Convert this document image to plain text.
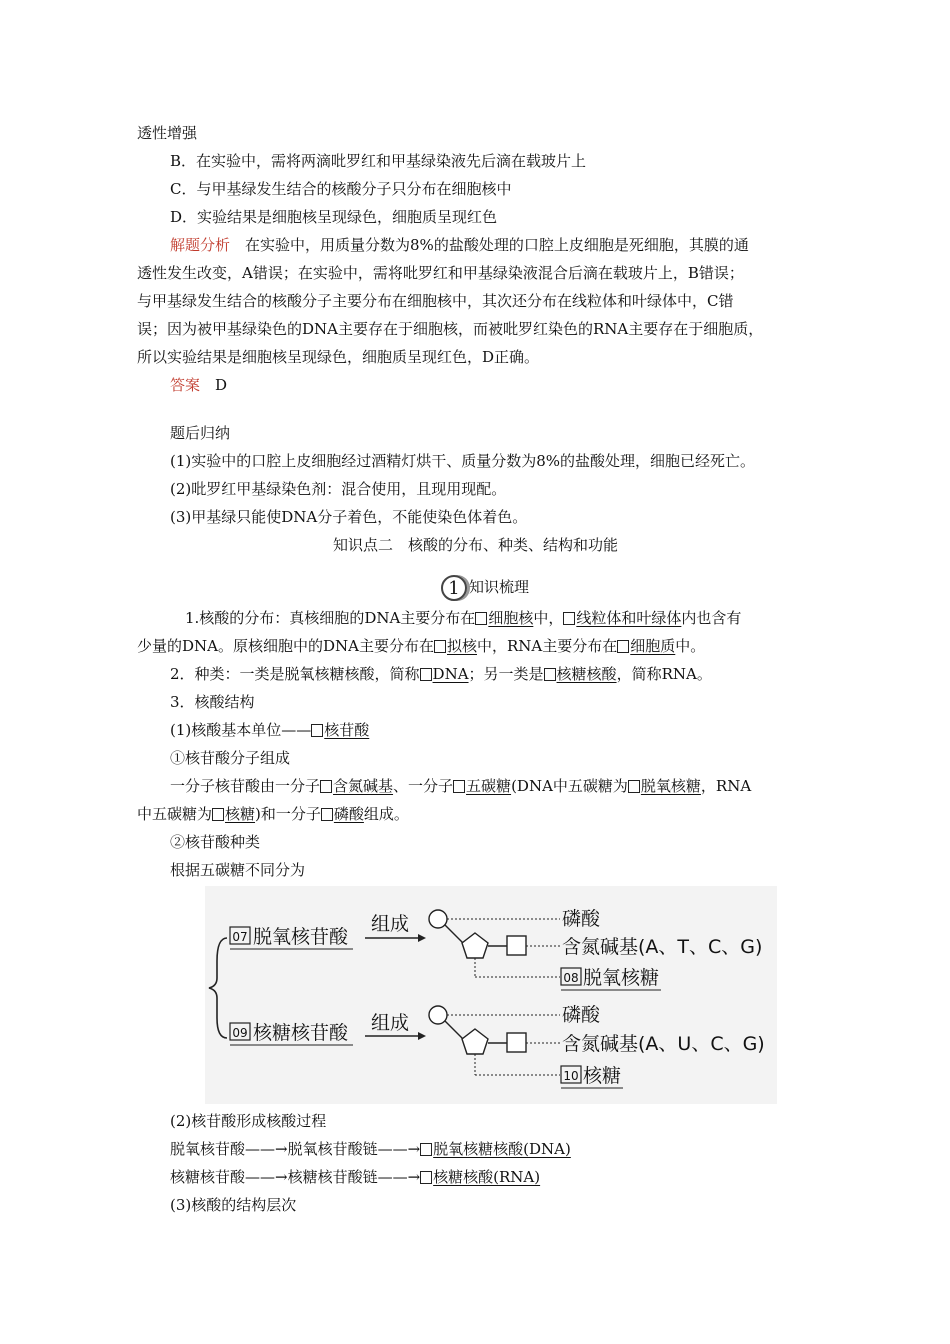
透性增强
B．在实验中，需将两滴吡罗红和甲基绿染液先后滴在载玻片上
C．与甲基绿发生结合的核酸分子只分布在细胞核中
D．实验结果是细胞核呈现绿色，细胞质呈现红色
解题分析　在实验中，用质量分数为8%的盐酸处理的口腔上皮细胞是死细胞，其膜的通
透性发生改变，A错误；在实验中，需将吡罗红和甲基绿染液混合后滴在载玻片上，B错误；
与甲基绿发生结合的核酸分子主要分布在细胞核中，其次还分布在线粒体和叶绿体中，C错
误；因为被甲基绿染色的DNA主要存在于细胞核，而被吡罗红染色的RNA主要存在于细胞质，
所以实验结果是细胞核呈现绿色，细胞质呈现红色，D正确。
答案　D
题后归纳
(1)实验中的口腔上皮细胞经过酒精灯烘干、质量分数为8%的盐酸处理，细胞已经死亡。
(2)吡罗红甲基绿染色剂：混合使用，且现用现配。
(3)甲基绿只能使DNA分子着色，不能使染色体着色。
知识点二　核酸的分布、种类、结构和功能
1 知识梳理
1.核酸的分布：真核细胞的DNA主要分布在 细胞核中， 线粒体和叶绿体内也含有
少量的DNA。原核细胞中的DNA主要分布在 拟核中，RNA主要分布在 细胞质中。
2．种类：一类是脱氧核糖核酸，简称 DNA；另一类是 核糖核酸，简称RNA。
3．核酸结构
(1)核酸基本单位—— 核苷酸
①核苷酸分子组成
一分子核苷酸由一分子 含氮碱基、一分子 五碳糖(DNA中五碳糖为 脱氧核糖，RNA
中五碳糖为 核糖)和一分子 磷酸组成。
②核苷酸种类
根据五碳糖不同分为
07 脱氧核苷酸
组成	磷酸
含氮碱基(A、T、C、G)
08 脱氧核糖
09 核糖核苷酸 组成	磷酸
含氮碱基(A、U、C、G)
10 核糖
(2)核苷酸形成核酸过程
脱氧核苷酸——→脱氧核苷酸链——→ 脱氧核糖核酸(DNA)
核糖核苷酸——→核糖核苷酸链——→ 核糖核酸(RNA)
(3)核酸的结构层次
